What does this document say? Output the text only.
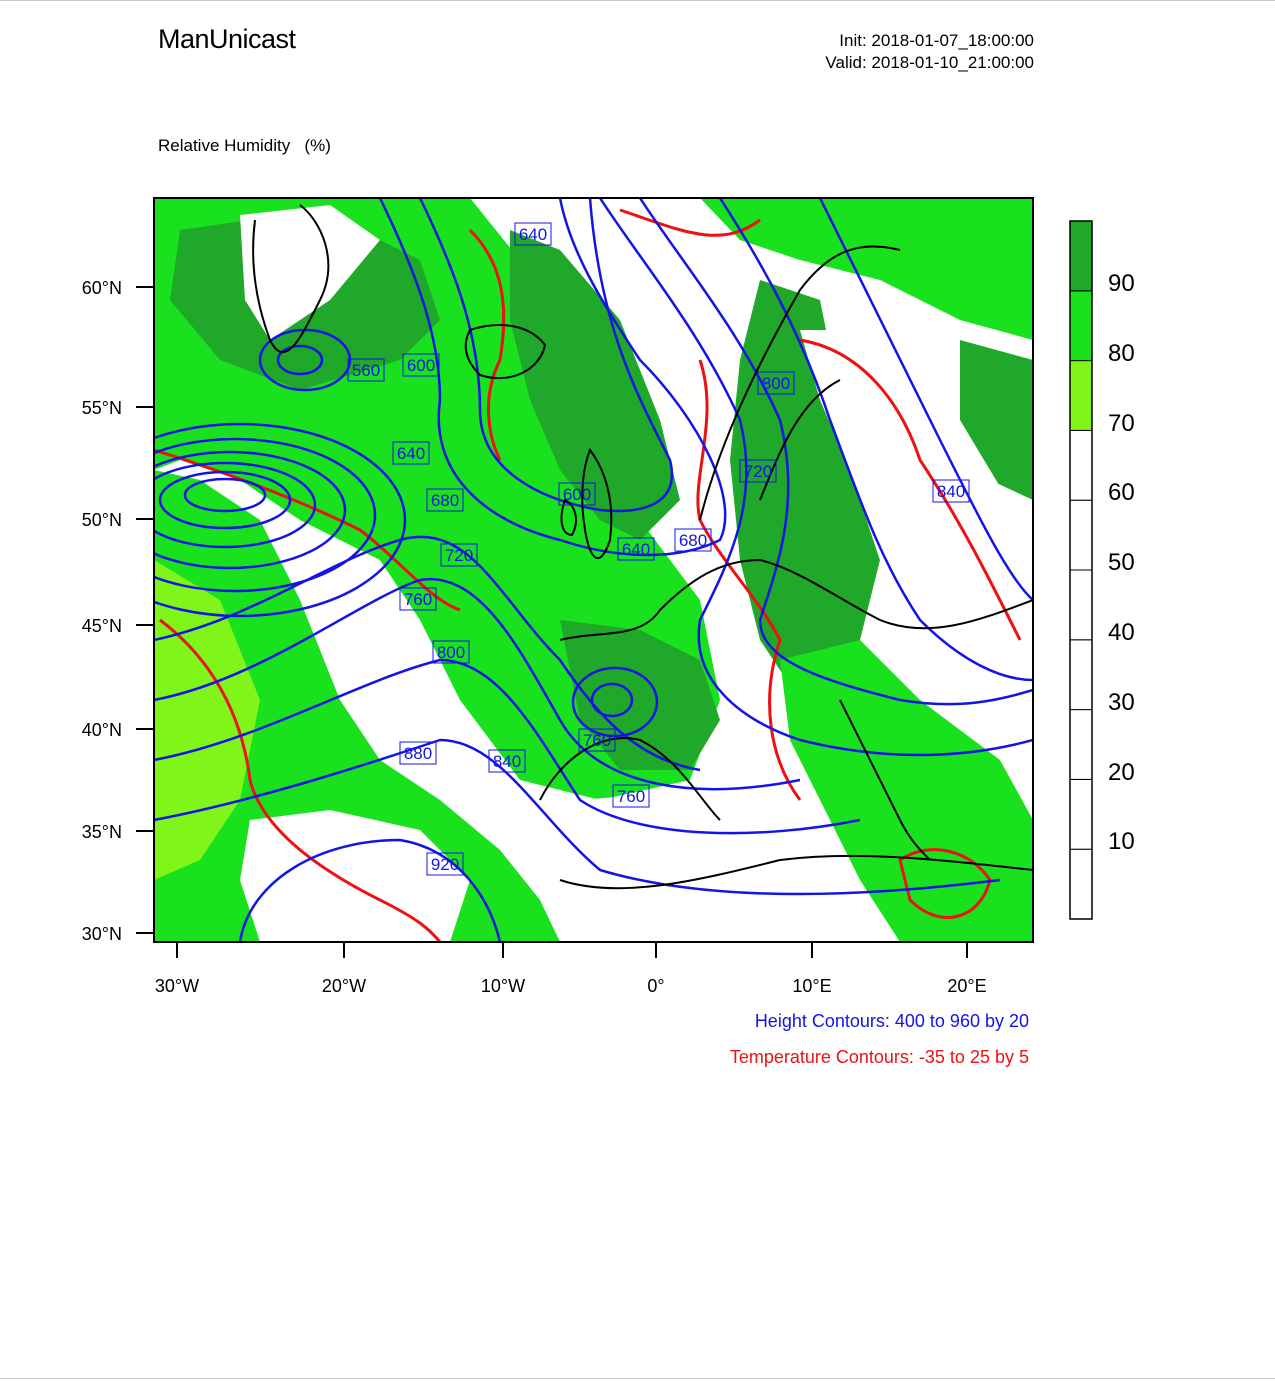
ManUnicast	Init: 2018-01-07_18:00:00
Valid: 2018-01-10_21:00:00

Relative Humidity   (%)

640
560 600
640
680
720
760
800
880	840
920
600
640 680
720
800
840
760
760
60°N
55°N
50°N
45°N
40°N
35°N
30°N
30°W	20°W	10°W	0°	10°E	20°E
90
80
70
60
50
40
30
20
10
Height Contours: 400 to 960 by 20
Temperature Contours: -35 to 25 by 5
